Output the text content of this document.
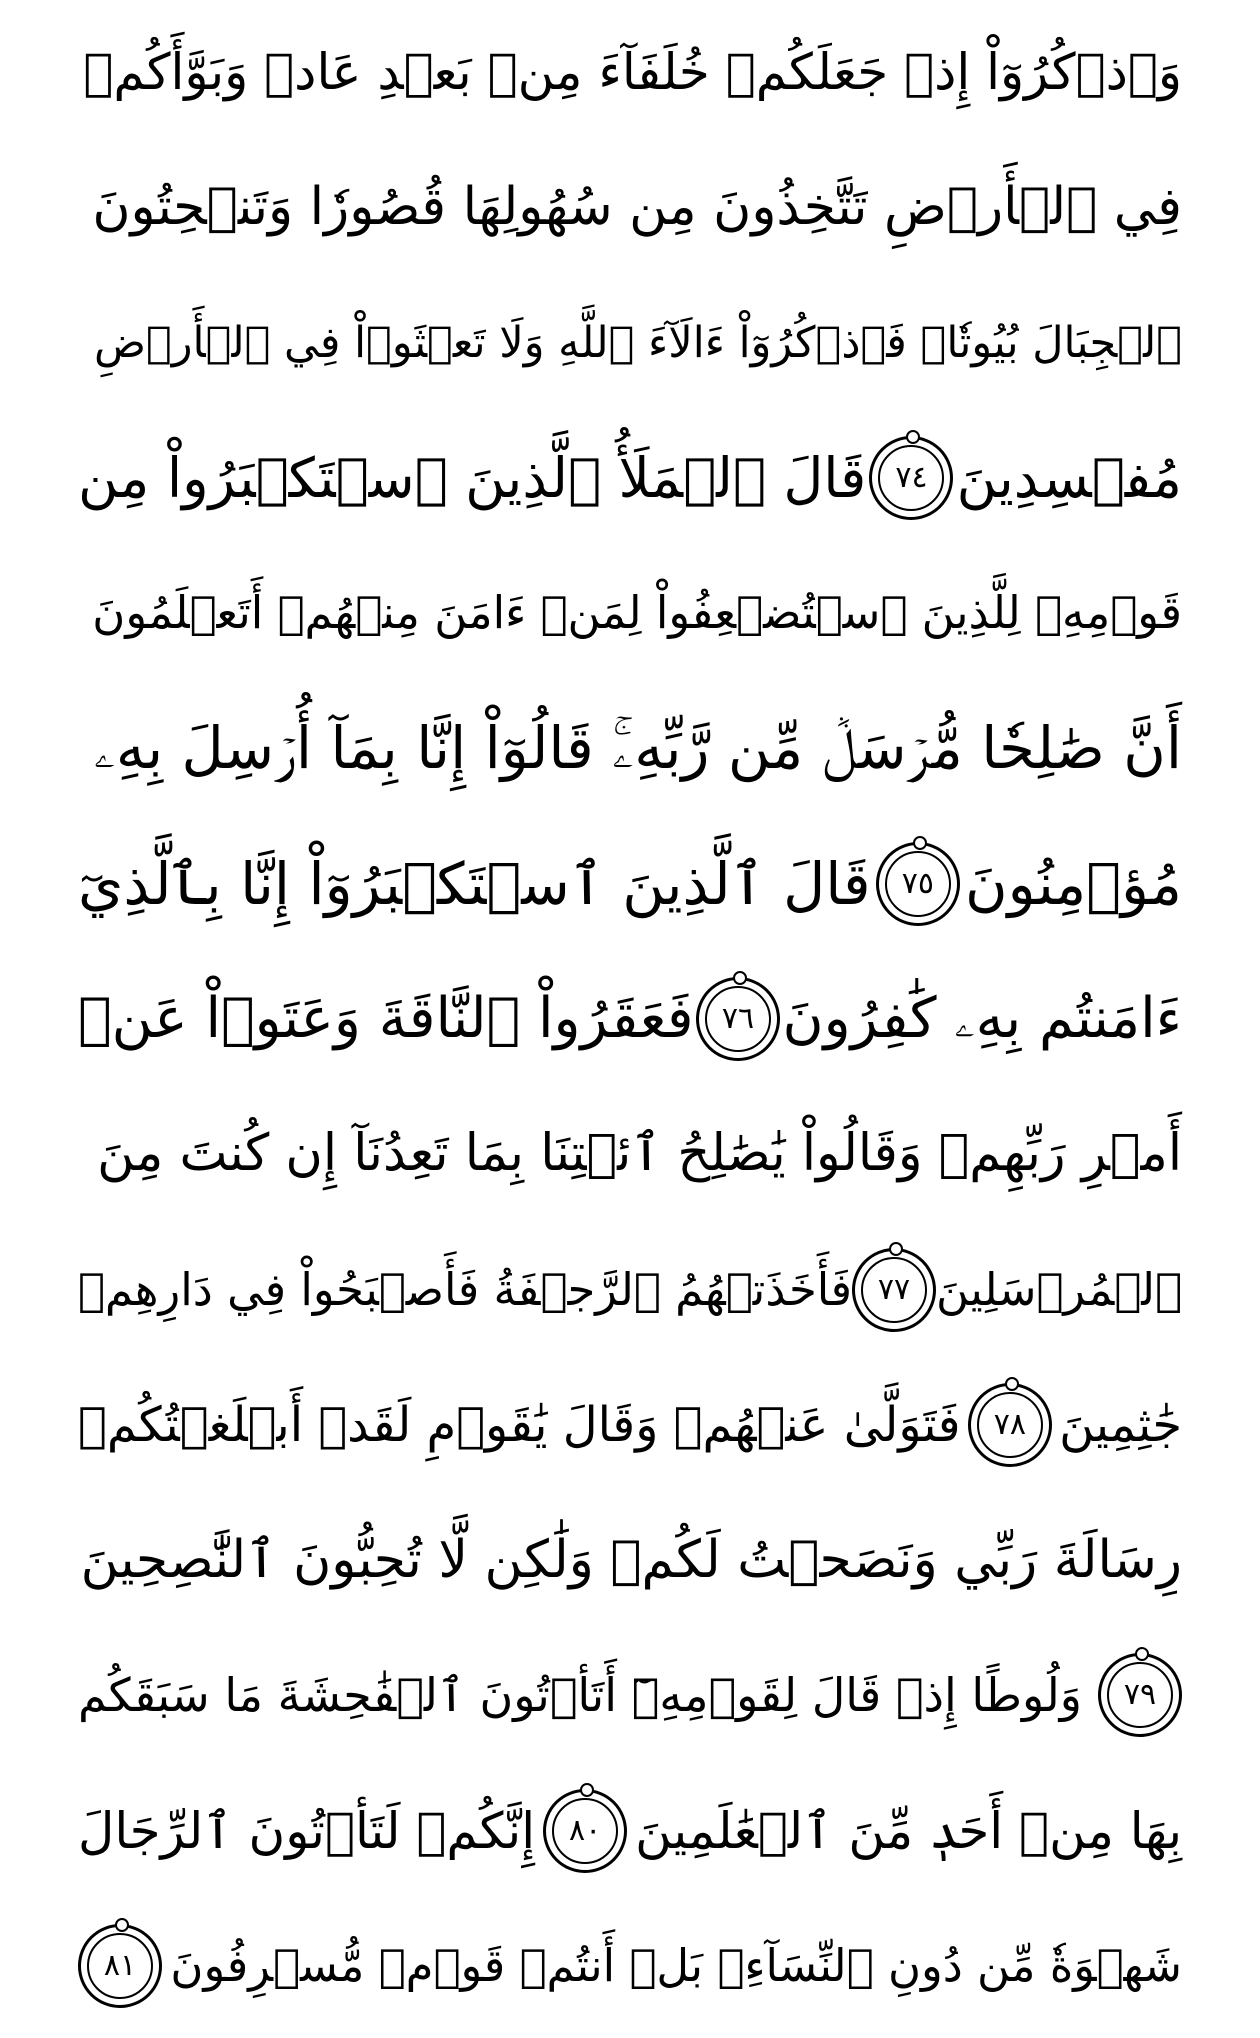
وَٱذۡكُرُوٓاْ إِذۡ جَعَلَكُمۡ خُلَفَآءَ مِنۢ بَعۡدِ عَادٖ وَبَوَّأَكُمۡ
فِي ٱلۡأَرۡضِ تَتَّخِذُونَ مِن سُهُولِهَا قُصُورٗا وَتَنۡحِتُونَ
ٱلۡجِبَالَ بُيُوتٗاۖ فَٱذۡكُرُوٓاْ ءَالَآءَ ٱللَّهِ وَلَا تَعۡثَوۡاْ فِي ٱلۡأَرۡضِ
مُفۡسِدِينَ
٧٤
قَالَ ٱلۡمَلَأُ ٱلَّذِينَ ٱسۡتَكۡبَرُواْ مِن
قَوۡمِهِۦ لِلَّذِينَ ٱسۡتُضۡعِفُواْ لِمَنۡ ءَامَنَ مِنۡهُمۡ أَتَعۡلَمُونَ
أَنَّ صَٰلِحٗا مُّرۡسَلٞ مِّن رَّبِّهِۦۚ قَالُوٓاْ إِنَّا بِمَآ أُرۡسِلَ بِهِۦ
مُؤۡمِنُونَ
٧٥
قَالَ ٱلَّذِينَ ٱسۡتَكۡبَرُوٓاْ إِنَّا بِٱلَّذِيٓ
ءَامَنتُم بِهِۦ كَٰفِرُونَ
٧٦
فَعَقَرُواْ ٱلنَّاقَةَ وَعَتَوۡاْ عَنۡ
أَمۡرِ رَبِّهِمۡ وَقَالُواْ يَٰصَٰلِحُ ٱئۡتِنَا بِمَا تَعِدُنَآ إِن كُنتَ مِنَ
ٱلۡمُرۡسَلِينَ
٧٧
فَأَخَذَتۡهُمُ ٱلرَّجۡفَةُ فَأَصۡبَحُواْ فِي دَارِهِمۡ
جَٰثِمِينَ
٧٨
فَتَوَلَّىٰ عَنۡهُمۡ وَقَالَ يَٰقَوۡمِ لَقَدۡ أَبۡلَغۡتُكُمۡ
رِسَالَةَ رَبِّي وَنَصَحۡتُ لَكُمۡ وَلَٰكِن لَّا تُحِبُّونَ ٱلنَّٰصِحِينَ
٧٩
وَلُوطًا إِذۡ قَالَ لِقَوۡمِهِۦٓ أَتَأۡتُونَ ٱلۡفَٰحِشَةَ مَا سَبَقَكُم
بِهَا مِنۡ أَحَدٖ مِّنَ ٱلۡعَٰلَمِينَ
٨٠
إِنَّكُمۡ لَتَأۡتُونَ ٱلرِّجَالَ
شَهۡوَةٗ مِّن دُونِ ٱلنِّسَآءِۚ بَلۡ أَنتُمۡ قَوۡمٞ مُّسۡرِفُونَ
٨١
